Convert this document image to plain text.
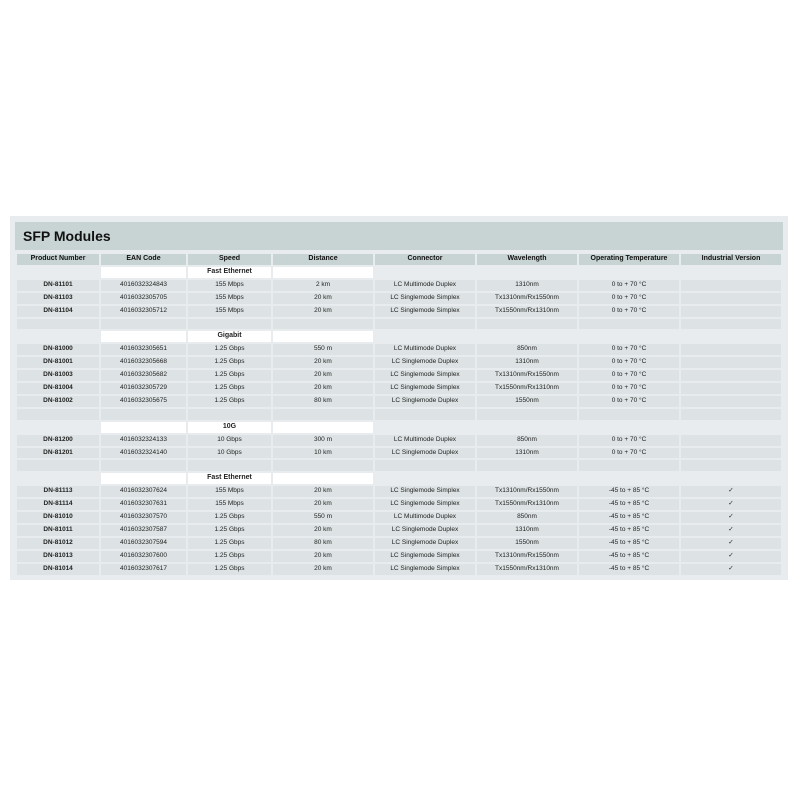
SFP Modules
Product Number	EAN Code	Speed	Distance	Connector	Wavelength	Operating Temperature	Industrial Version
		Fast Ethernet					
DN-81101	4016032324843	155 Mbps	2 km	LC Multimode Duplex	1310nm	0 to + 70 °C	
DN-81103	4016032305705	155 Mbps	20 km	LC Singlemode Simplex	Tx1310nm/Rx1550nm	0 to + 70 °C	
DN-81104	4016032305712	155 Mbps	20 km	LC Singlemode Simplex	Tx1550nm/Rx1310nm	0 to + 70 °C	

		Gigabit					
DN-81000	4016032305651	1.25 Gbps	550 m	LC Multimode Duplex	850nm	0 to + 70 °C	
DN-81001	4016032305668	1.25 Gbps	20 km	LC Singlemode Duplex	1310nm	0 to + 70 °C	
DN-81003	4016032305682	1.25 Gbps	20 km	LC Singlemode Simplex	Tx1310nm/Rx1550nm	0 to + 70 °C	
DN-81004	4016032305729	1.25 Gbps	20 km	LC Singlemode Simplex	Tx1550nm/Rx1310nm	0 to + 70 °C	
DN-81002	4016032305675	1.25 Gbps	80 km	LC Singlemode Duplex	1550nm	0 to + 70 °C	

		10G					
DN-81200	4016032324133	10 Gbps	300 m	LC Multimode Duplex	850nm	0 to + 70 °C	
DN-81201	4016032324140	10 Gbps	10 km	LC Singlemode Duplex	1310nm	0 to + 70 °C	

		Fast Ethernet					
DN-81113	4016032307624	155 Mbps	20 km	LC Singlemode Simplex	Tx1310nm/Rx1550nm	-45 to + 85 °C	✓
DN-81114	4016032307631	155 Mbps	20 km	LC Singlemode Simplex	Tx1550nm/Rx1310nm	-45 to + 85 °C	✓
DN-81010	4016032307570	1.25 Gbps	550 m	LC Multimode Duplex	850nm	-45 to + 85 °C	✓
DN-81011	4016032307587	1.25 Gbps	20 km	LC Singlemode Duplex	1310nm	-45 to + 85 °C	✓
DN-81012	4016032307594	1.25 Gbps	80 km	LC Singlemode Duplex	1550nm	-45 to + 85 °C	✓
DN-81013	4016032307600	1.25 Gbps	20 km	LC Singlemode Simplex	Tx1310nm/Rx1550nm	-45 to + 85 °C	✓
DN-81014	4016032307617	1.25 Gbps	20 km	LC Singlemode Simplex	Tx1550nm/Rx1310nm	-45 to + 85 °C	✓
